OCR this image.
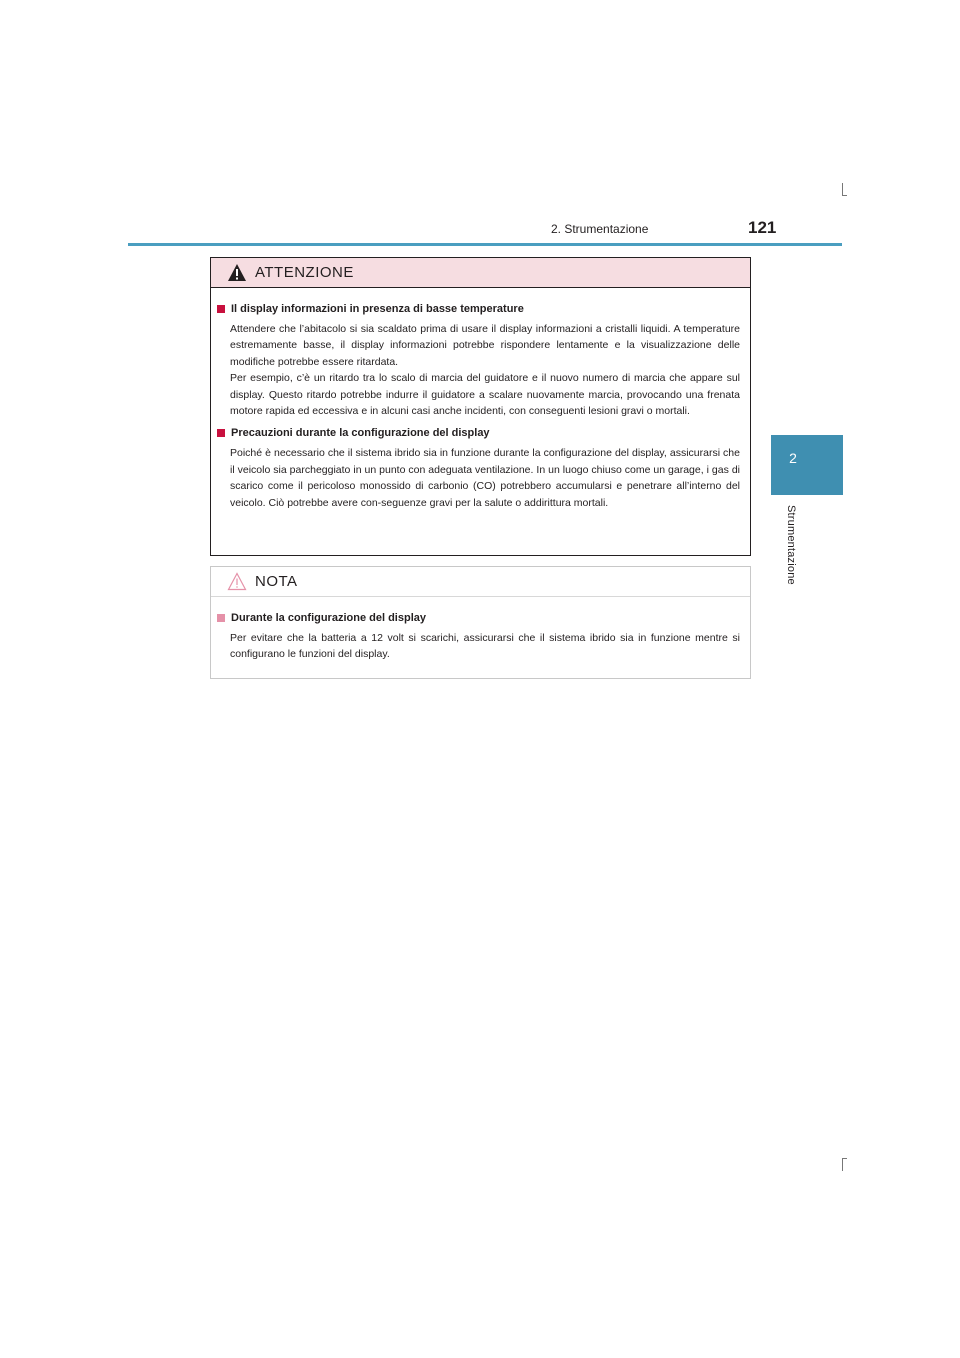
2. Strumentazione	121
2
Strumentazione
ATTENZIONE
Il display informazioni in presenza di basse temperature

Attendere che l’abitacolo si sia scaldato prima di usare il display informazioni a cristalli liquidi. A temperature estremamente basse, il display informazioni potrebbe rispondere lentamente e la visualizzazione delle modifiche potrebbe essere ritardata.

Per esempio, c’è un ritardo tra lo scalo di marcia del guidatore e il nuovo numero di marcia che appare sul display. Questo ritardo potrebbe indurre il guidatore a scalare nuovamente marcia, provocando una frenata motore rapida ed eccessiva e in alcuni casi anche incidenti, con conseguenti lesioni gravi o mortali.

Precauzioni durante la configurazione del display

Poiché è necessario che il sistema ibrido sia in funzione durante la configurazione del display, assicurarsi che il veicolo sia parcheggiato in un punto con adeguata ventilazione. In un luogo chiuso come un garage, i gas di scarico come il pericoloso monossido di carbonio (CO) potrebbero accumularsi e penetrare all’interno del veicolo. Ciò potrebbe avere con-seguenze gravi per la salute o addirittura mortali.

NOTA
Durante la configurazione del display

Per evitare che la batteria a 12 volt si scarichi, assicurarsi che il sistema ibrido sia in funzione mentre si configurano le funzioni del display.
